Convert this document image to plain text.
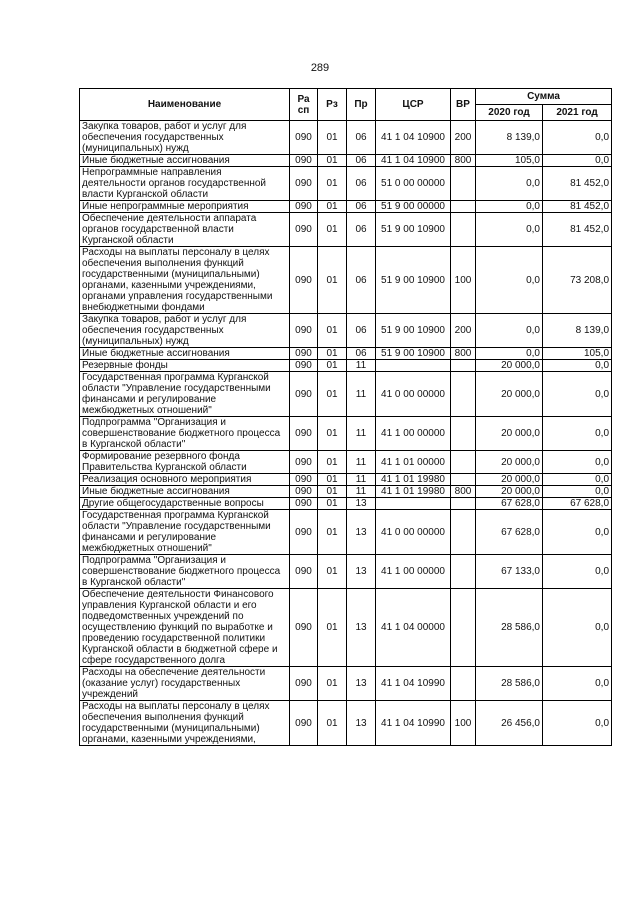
289
Наименование	Ра сп	Рз	Пр	ЦСР	ВР	Сумма	
						2020 год	2021 год
Закупка товаров, работ и услуг для обеспечения государственных (муниципальных) нужд	090	01	06	41 1 04 10900	200	8 139,0	0,0
Иные бюджетные ассигнования	090	01	06	41 1 04 10900	800	105,0	0,0
Непрограммные направления деятельности органов государственной власти Курганской области	090	01	06	51 0 00 00000		0,0	81 452,0
Иные непрограммные мероприятия	090	01	06	51 9 00 00000		0,0	81 452,0
Обеспечение деятельности аппарата органов государственной власти Курганской области	090	01	06	51 9 00 10900		0,0	81 452,0
Расходы на выплаты персоналу в целях обеспечения выполнения функций государственными (муниципальными) органами, казенными учреждениями, органами управления государственными внебюджетными фондами	090	01	06	51 9 00 10900	100	0,0	73 208,0
Закупка товаров, работ и услуг для обеспечения государственных (муниципальных) нужд	090	01	06	51 9 00 10900	200	0,0	8 139,0
Иные бюджетные ассигнования	090	01	06	51 9 00 10900	800	0,0	105,0
Резервные фонды	090	01	11			20 000,0	0,0
Государственная программа Курганской области "Управление государственными финансами и регулирование межбюджетных отношений"	090	01	11	41 0 00 00000		20 000,0	0,0
Подпрограмма "Организация и совершенствование бюджетного процесса в Курганской области"	090	01	11	41 1 00 00000		20 000,0	0,0
Формирование резервного фонда Правительства Курганской области	090	01	11	41 1 01 00000		20 000,0	0,0
Реализация основного мероприятия	090	01	11	41 1 01 19980		20 000,0	0,0
Иные бюджетные ассигнования	090	01	11	41 1 01 19980	800	20 000,0	0,0
Другие общегосударственные вопросы	090	01	13			67 628,0	67 628,0
Государственная программа Курганской области "Управление государственными финансами и регулирование межбюджетных отношений"	090	01	13	41 0 00 00000		67 628,0	0,0
Подпрограмма "Организация и совершенствование бюджетного процесса в Курганской области"	090	01	13	41 1 00 00000		67 133,0	0,0
Обеспечение деятельности Финансового управления Курганской области и его подведомственных учреждений по осуществлению функций по выработке и проведению государственной политики Курганской области в бюджетной сфере и сфере государственного долга	090	01	13	41 1 04 00000		28 586,0	0,0
Расходы на обеспечение деятельности (оказание услуг) государственных учреждений	090	01	13	41 1 04 10990		28 586,0	0,0
Расходы на выплаты персоналу в целях обеспечения выполнения функций государственными (муниципальными) органами, казенными учреждениями,	090	01	13	41 1 04 10990	100	26 456,0	0,0
